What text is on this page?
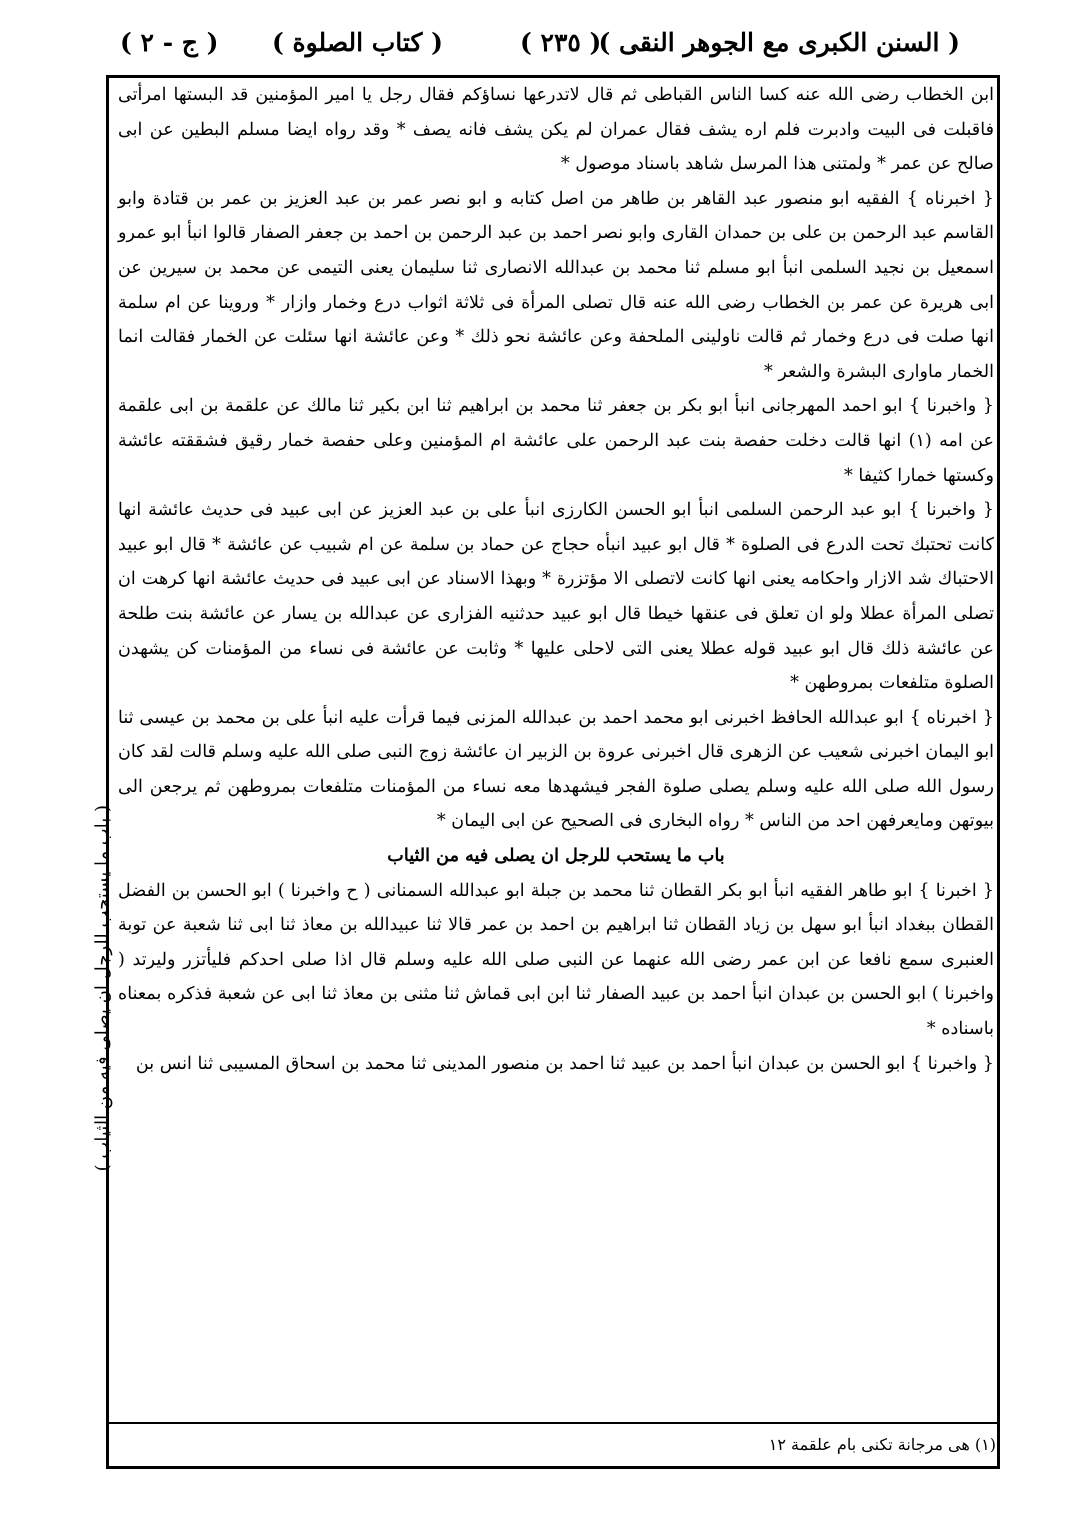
( السنن الكبرى مع الجوهر النقى )
( ٢٣٥ )
( كتاب الصلوة )
( ج - ٢ )

ابن الخطاب رضى الله عنه كسا الناس القباطى ثم قال لاتدرعها نساؤكم فقال رجل يا امير المؤمنين قد البستها امرأتى فاقبلت فى البيت وادبرت فلم اره يشف فقال عمران لم يكن يشف فانه يصف * وقد رواه ايضا مسلم البطين عن ابى صالح عن عمر * ولمتنى هذا المرسل شاهد باسناد موصول *

{ اخبرناه } الفقيه ابو منصور عبد القاهر بن طاهر من اصل كتابه و ابو نصر عمر بن عبد العزيز بن عمر بن قتادة وابو القاسم عبد الرحمن بن على بن حمدان القارى وابو نصر احمد بن عبد الرحمن بن احمد بن جعفر الصفار قالوا انبأ ابو عمرو اسمعيل بن نجيد السلمى انبأ ابو مسلم ثنا محمد بن عبدالله الانصارى ثنا سليمان يعنى التيمى عن محمد بن سيرين عن ابى هريرة عن عمر بن الخطاب رضى الله عنه قال تصلى المرأة فى ثلاثة اثواب درع وخمار وازار * وروينا عن ام سلمة انها صلت فى درع وخمار ثم قالت ناولينى الملحفة وعن عائشة نحو ذلك * وعن عائشة انها سئلت عن الخمار فقالت انما الخمار ماوارى البشرة والشعر *

{ واخبرنا } ابو احمد المهرجانى انبأ ابو بكر بن جعفر ثنا محمد بن ابراهيم ثنا ابن بكير ثنا مالك عن علقمة بن ابى علقمة عن امه (١) انها قالت دخلت حفصة بنت عبد الرحمن على عائشة ام المؤمنين وعلى حفصة خمار رقيق فشققته عائشة وكستها خمارا كثيفا *

{ واخبرنا } ابو عبد الرحمن السلمى انبأ ابو الحسن الكارزى انبأ على بن عبد العزيز عن ابى عبيد فى حديث عائشة انها كانت تحتبك تحت الدرع فى الصلوة * قال ابو عبيد انبأه حجاج عن حماد بن سلمة عن ام شبيب عن عائشة * قال ابو عبيد الاحتباك شد الازار واحكامه يعنى انها كانت لاتصلى الا مؤتزرة * وبهذا الاسناد عن ابى عبيد فى حديث عائشة انها كرهت ان تصلى المرأة عطلا ولو ان تعلق فى عنقها خيطا قال ابو عبيد حدثنيه الفزارى عن عبدالله بن يسار عن عائشة بنت طلحة عن عائشة ذلك قال ابو عبيد قوله عطلا يعنى التى لاحلى عليها * وثابت عن عائشة فى نساء من المؤمنات كن يشهدن الصلوة متلفعات بمروطهن *

{ اخبرناه } ابو عبدالله الحافظ اخبرنى ابو محمد احمد بن عبدالله المزنى فيما قرأت عليه انبأ على بن محمد بن عيسى ثنا ابو اليمان اخبرنى شعيب عن الزهرى قال اخبرنى عروة بن الزبير ان عائشة زوج النبى صلى الله عليه وسلم قالت لقد كان رسول الله صلى الله عليه وسلم يصلى صلوة الفجر فيشهدها معه نساء من المؤمنات متلفعات بمروطهن ثم يرجعن الى بيوتهن ومايعرفهن احد من الناس * رواه البخارى فى الصحيح عن ابى اليمان *

باب ما يستحب للرجل ان يصلى فيه من الثياب

{ اخبرنا } ابو طاهر الفقيه انبأ ابو بكر القطان ثنا محمد بن جبلة ابو عبدالله السمنانى ( ح واخبرنا ) ابو الحسن بن الفضل القطان ببغداد انبأ ابو سهل بن زياد القطان ثنا ابراهيم بن احمد بن عمر قالا ثنا عبيدالله بن معاذ ثنا ابى ثنا شعبة عن توبة العنبرى سمع نافعا عن ابن عمر رضى الله عنهما عن النبى صلى الله عليه وسلم قال اذا صلى احدكم فليأتزر وليرتد ( واخبرنا ) ابو الحسن بن عبدان انبأ احمد بن عبيد الصفار ثنا ابن ابى قماش ثنا مثنى بن معاذ ثنا ابى عن شعبة فذكره بمعناه باسناده *

{ واخبرنا } ابو الحسن بن عبدان انبأ احمد بن عبيد ثنا احمد بن منصور المدينى ثنا محمد بن اسحاق المسيبى ثنا انس بن

(١) هى مرجانة تكنى بام علقمة ١٢
( باب ما يستحب للرجل ان يصلى فيه من الثياب )
